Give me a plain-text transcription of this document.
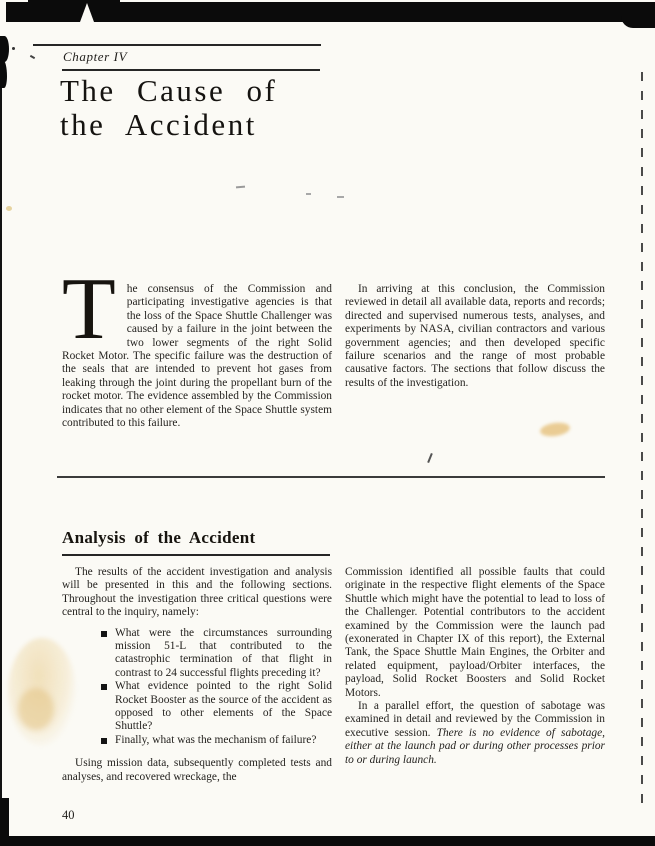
Chapter IV
The Cause of
the Accident

The consensus of the Commission and participating investigative agencies is that the loss of the Space Shuttle Challenger was caused by a failure in the joint between the two lower segments of the right Solid Rocket Motor. The specific failure was the destruction of the seals that are intended to prevent hot gases from leaking through the joint during the propellant burn of the rocket motor. The evidence assembled by the Commission indicates that no other element of the Space Shuttle system contributed to this failure.

In arriving at this conclusion, the Commission reviewed in detail all available data, reports and records; directed and supervised numerous tests, analyses, and experiments by NASA, civilian contractors and various government agencies; and then developed specific failure scenarios and the range of most probable causative factors. The sections that follow discuss the results of the investigation.

Analysis of the Accident

The results of the accident investigation and analysis will be presented in this and the following sections. Throughout the investigation three critical questions were central to the inquiry, namely:

What were the circumstances surrounding mission 51-L that contributed to the catastrophic termination of that flight in contrast to 24 successful flights preceding it?
What evidence pointed to the right Solid Rocket Booster as the source of the accident as opposed to other elements of the Space Shuttle?
Finally, what was the mechanism of failure?

Using mission data, subsequently completed tests and analyses, and recovered wreckage, the

Commission identified all possible faults that could originate in the respective flight elements of the Space Shuttle which might have the potential to lead to loss of the Challenger. Potential contributors to the accident examined by the Commission were the launch pad (exonerated in Chapter IX of this report), the External Tank, the Space Shuttle Main Engines, the Orbiter and related equipment, payload/Orbiter interfaces, the payload, Solid Rocket Boosters and Solid Rocket Motors.

In a parallel effort, the question of sabotage was examined in detail and reviewed by the Commission in executive session. There is no evidence of sabotage, either at the launch pad or during other processes prior to or during launch.

40
